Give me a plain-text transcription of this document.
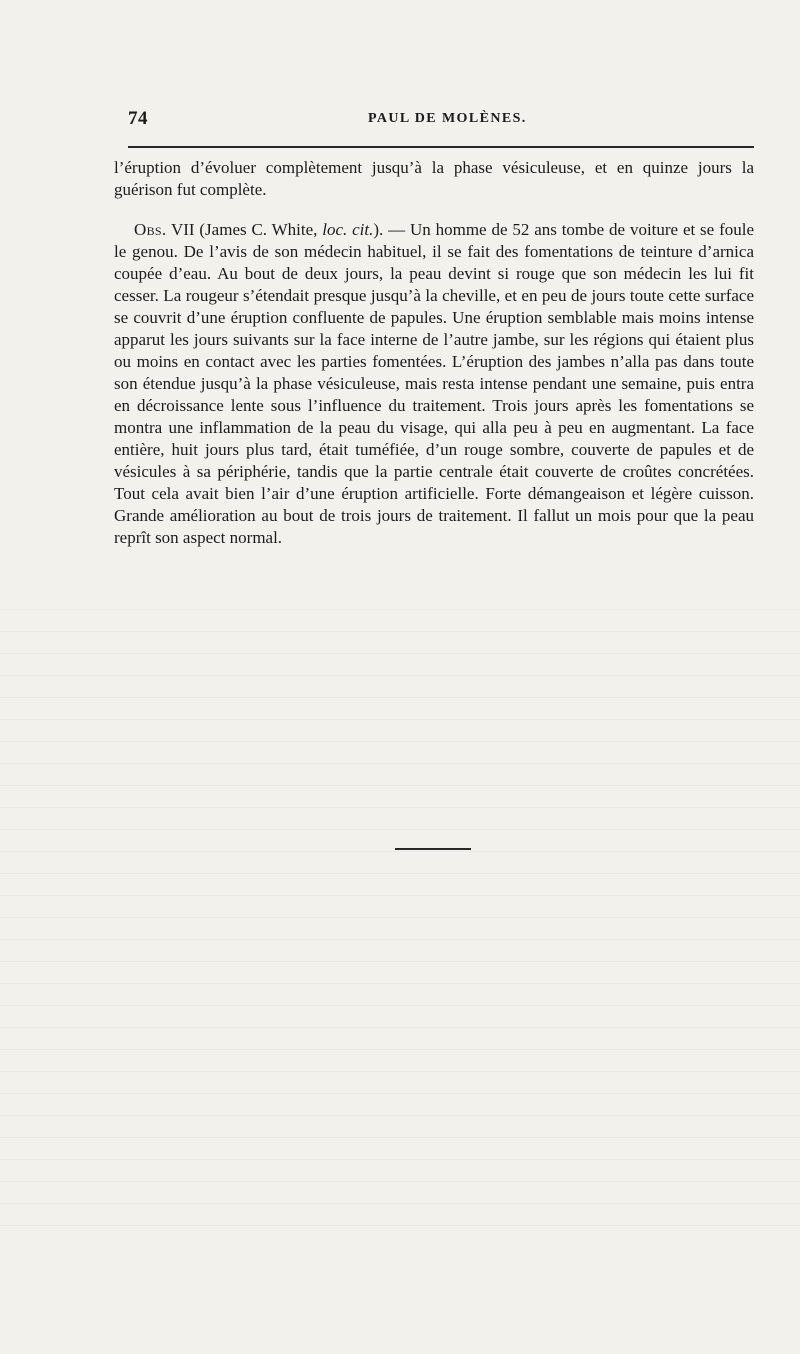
74	PAUL DE MOLÈNES.

l’éruption d’évoluer complètement jusqu’à la phase vésiculeuse, et en quinze jours la guérison fut complète.

Obs. VII (James C. White, loc. cit.). — Un homme de 52 ans tombe de voiture et se foule le genou. De l’avis de son médecin habituel, il se fait des fomentations de teinture d’arnica coupée d’eau. Au bout de deux jours, la peau devint si rouge que son médecin les lui fit cesser. La rougeur s’étendait presque jusqu’à la cheville, et en peu de jours toute cette surface se couvrit d’une éruption confluente de papules. Une éruption semblable mais moins intense apparut les jours suivants sur la face interne de l’autre jambe, sur les régions qui étaient plus ou moins en contact avec les parties fomentées. L’éruption des jambes n’alla pas dans toute son étendue jusqu’à la phase vésiculeuse, mais resta intense pendant une semaine, puis entra en décroissance lente sous l’influence du traitement. Trois jours après les fomentations se montra une inflammation de la peau du visage, qui alla peu à peu en augmentant. La face entière, huit jours plus tard, était tuméfiée, d’un rouge sombre, couverte de papules et de vésicules à sa périphérie, tandis que la partie centrale était couverte de croûtes concrétées. Tout cela avait bien l’air d’une éruption artificielle. Forte démangeaison et légère cuisson. Grande amélioration au bout de trois jours de traitement. Il fallut un mois pour que la peau reprît son aspect normal.
